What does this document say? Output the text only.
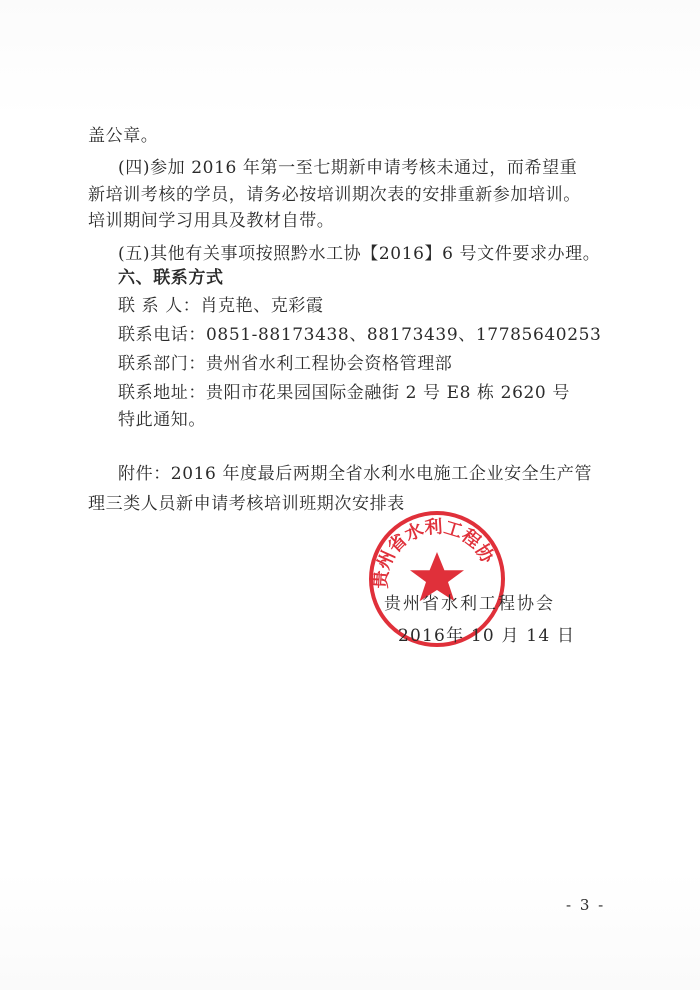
盖公章。
(四)参加 2016 年第一至七期新申请考核未通过，而希望重
新培训考核的学员，请务必按培训期次表的安排重新参加培训。
培训期间学习用具及教材自带。
(五)其他有关事项按照黔水工协【2016】6 号文件要求办理。
六、联系方式
联 系 人：肖克艳、克彩霞
联系电话：0851-88173438、88173439、17785640253
联系部门：贵州省水利工程协会资格管理部
联系地址：贵阳市花果园国际金融街 2 号 E8 栋 2620 号
特此通知。
附件：2016 年度最后两期全省水利水电施工企业安全生产管
理三类人员新申请考核培训班期次安排表
贵州省水利工程协
贵州省水利工程协会
2016年 10 月 14 日
- 3 -
